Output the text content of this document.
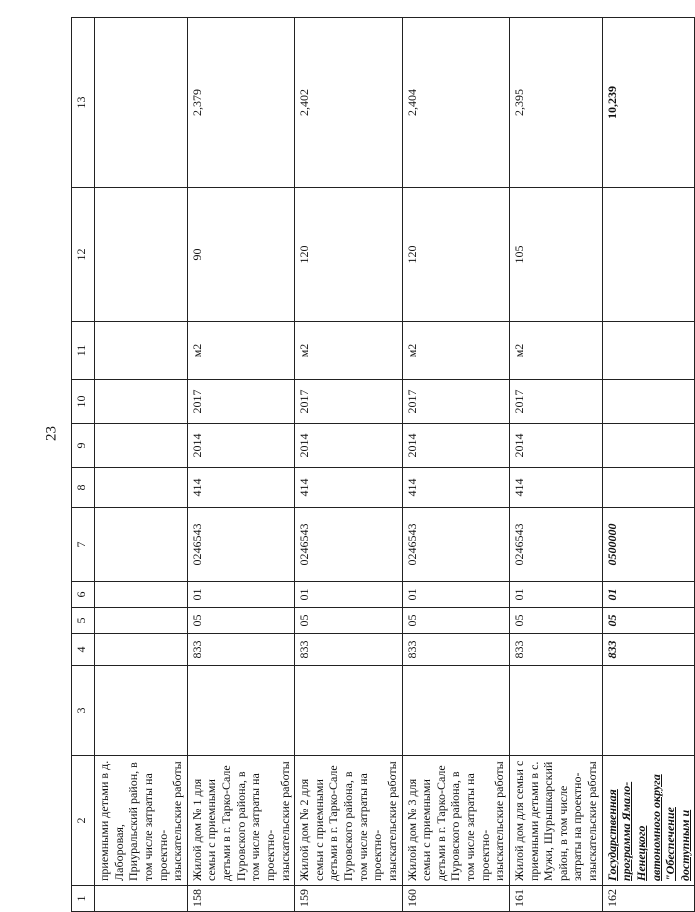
23
1	2	3	4	5	6	7	8	9	10	11	12	13
	приемными детьми в д. Лаборовая, Приуральский район, в том числе затраты на проектно-изыскательские работы											
158	Жилой дом № 1 для семьи с приемными детьми в г. Тарко-Сале Пуровского района, в том числе затраты на проектно-изыскательские работы		833	05	01	0246543	414	2014	2017	м2	90	2,379
159	Жилой дом № 2 для семьи с приемными детьми в г. Тарко-Сале Пуровского района, в том числе затраты на проектно-изыскательские работы		833	05	01	0246543	414	2014	2017	м2	120	2,402
160	Жилой дом № 3 для семьи с приемными детьми в г. Тарко-Сале Пуровского района, в том числе затраты на проектно-изыскательские работы		833	05	01	0246543	414	2014	2017	м2	120	2,404
161	Жилой дом для семьи с приемными детьми в с. Мужи, Шурышкарский район, в том числе затраты на проектно-изыскательские работы		833	05	01	0246543	414	2014	2017	м2	105	2,395
162	Государственная программа Ямало-Ненецкого автономного округа "Обеспечение доступным и		833	05	01	0500000						10,239
